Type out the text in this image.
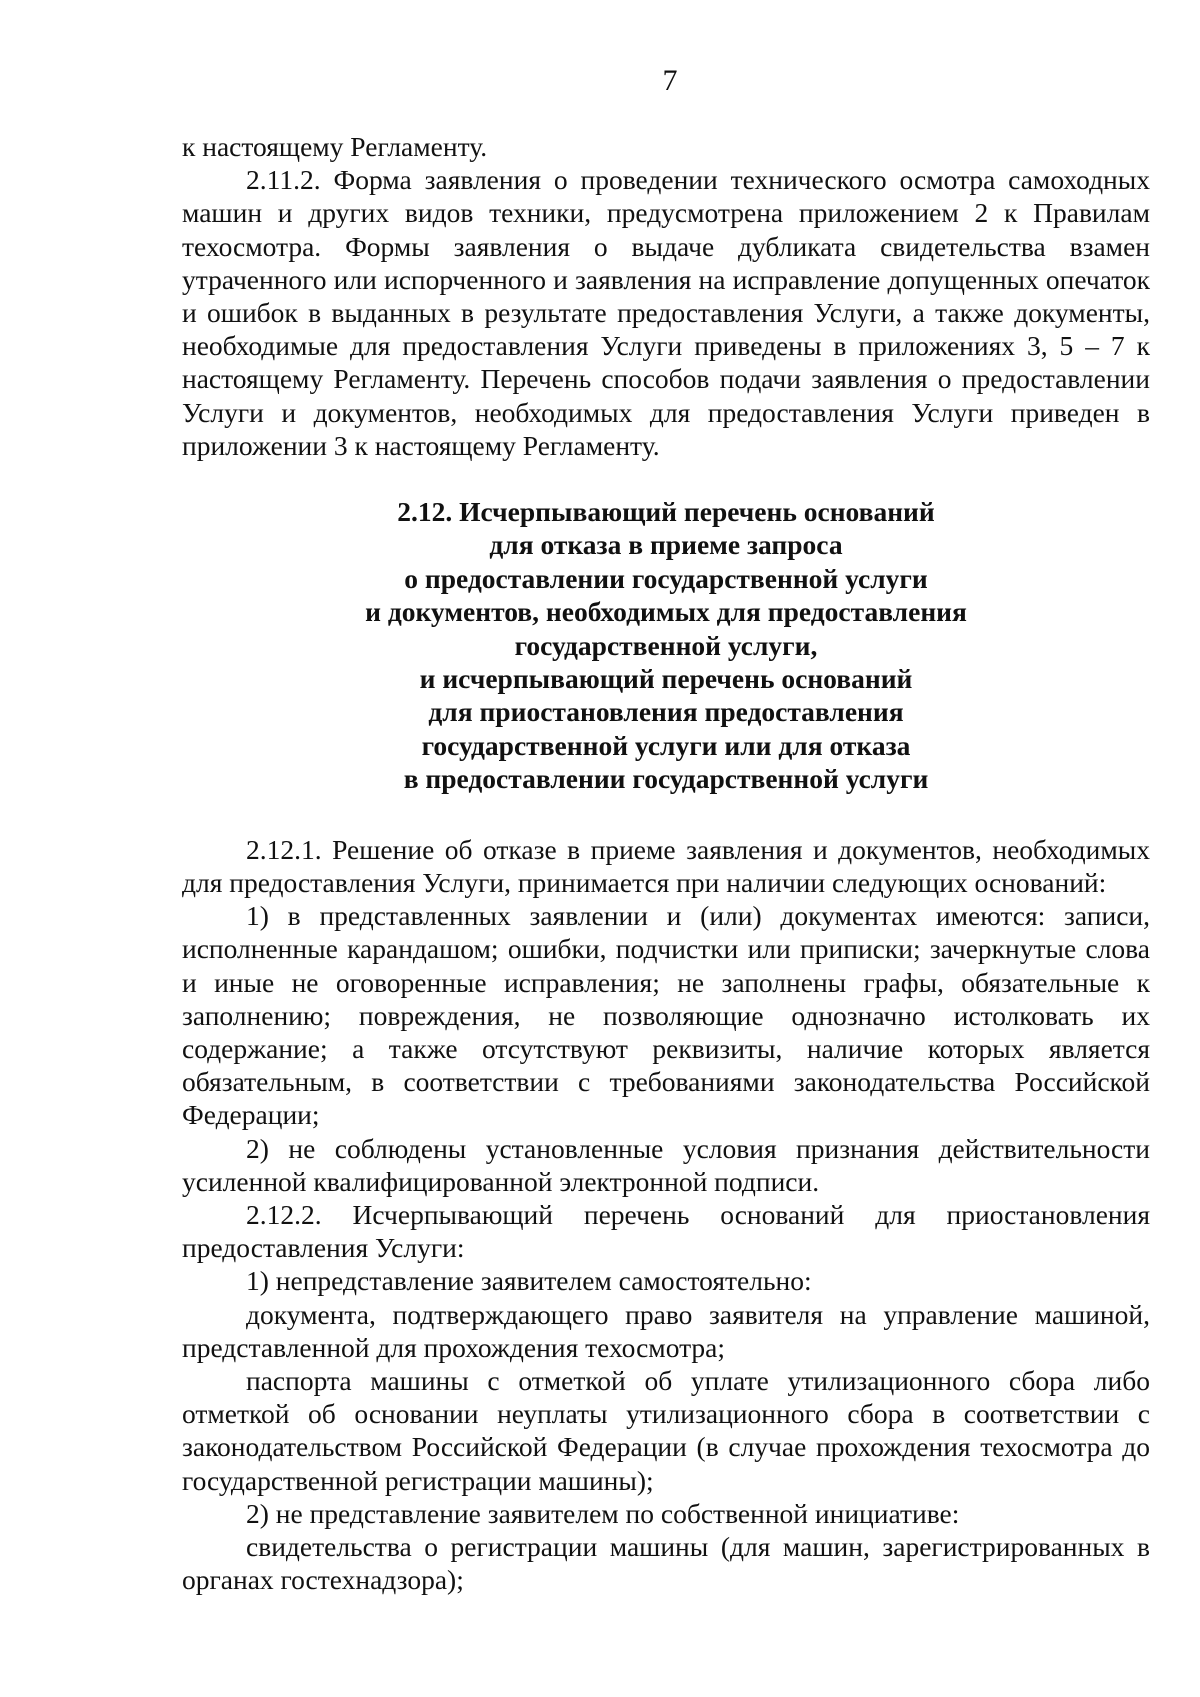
7

к настоящему Регламенту.

2.11.2. Форма заявления о проведении технического осмотра самоходных машин и других видов техники, предусмотрена приложением 2 к Правилам техосмотра. Формы заявления о выдаче дубликата свидетельства взамен утраченного или испорченного и заявления на исправление допущенных опечаток и ошибок в выданных в результате предоставления Услуги, а также документы, необходимые для предоставления Услуги приведены в приложениях 3, 5 – 7 к настоящему Регламенту. Перечень способов подачи заявления о предоставлении Услуги и документов, необходимых для предоставления Услуги приведен в приложении 3 к настоящему Регламенту.

2.12. Исчерпывающий перечень оснований
для отказа в приеме запроса
о предоставлении государственной услуги
и документов, необходимых для предоставления
государственной услуги,
и исчерпывающий перечень оснований
для приостановления предоставления
государственной услуги или для отказа
в предоставлении государственной услуги

2.12.1. Решение об отказе в приеме заявления и документов, необходимых для предоставления Услуги, принимается при наличии следующих оснований:

1) в представленных заявлении и (или) документах имеются: записи, исполненные карандашом; ошибки, подчистки или приписки; зачеркнутые слова и иные не оговоренные исправления; не заполнены графы, обязательные к заполнению; повреждения, не позволяющие однозначно истолковать их содержание; а также отсутствуют реквизиты, наличие которых является обязательным, в соответствии с требованиями законодательства Российской Федерации;

2) не соблюдены установленные условия признания действительности усиленной квалифицированной электронной подписи.

2.12.2. Исчерпывающий перечень оснований для приостановления предоставления Услуги:

1) непредставление заявителем самостоятельно:

документа, подтверждающего право заявителя на управление машиной, представленной для прохождения техосмотра;

паспорта машины с отметкой об уплате утилизационного сбора либо отметкой об основании неуплаты утилизационного сбора в соответствии с законодательством Российской Федерации (в случае прохождения техосмотра до государственной регистрации машины);

2) не представление заявителем по собственной инициативе:

свидетельства о регистрации машины (для машин, зарегистрированных в органах гостехнадзора);
